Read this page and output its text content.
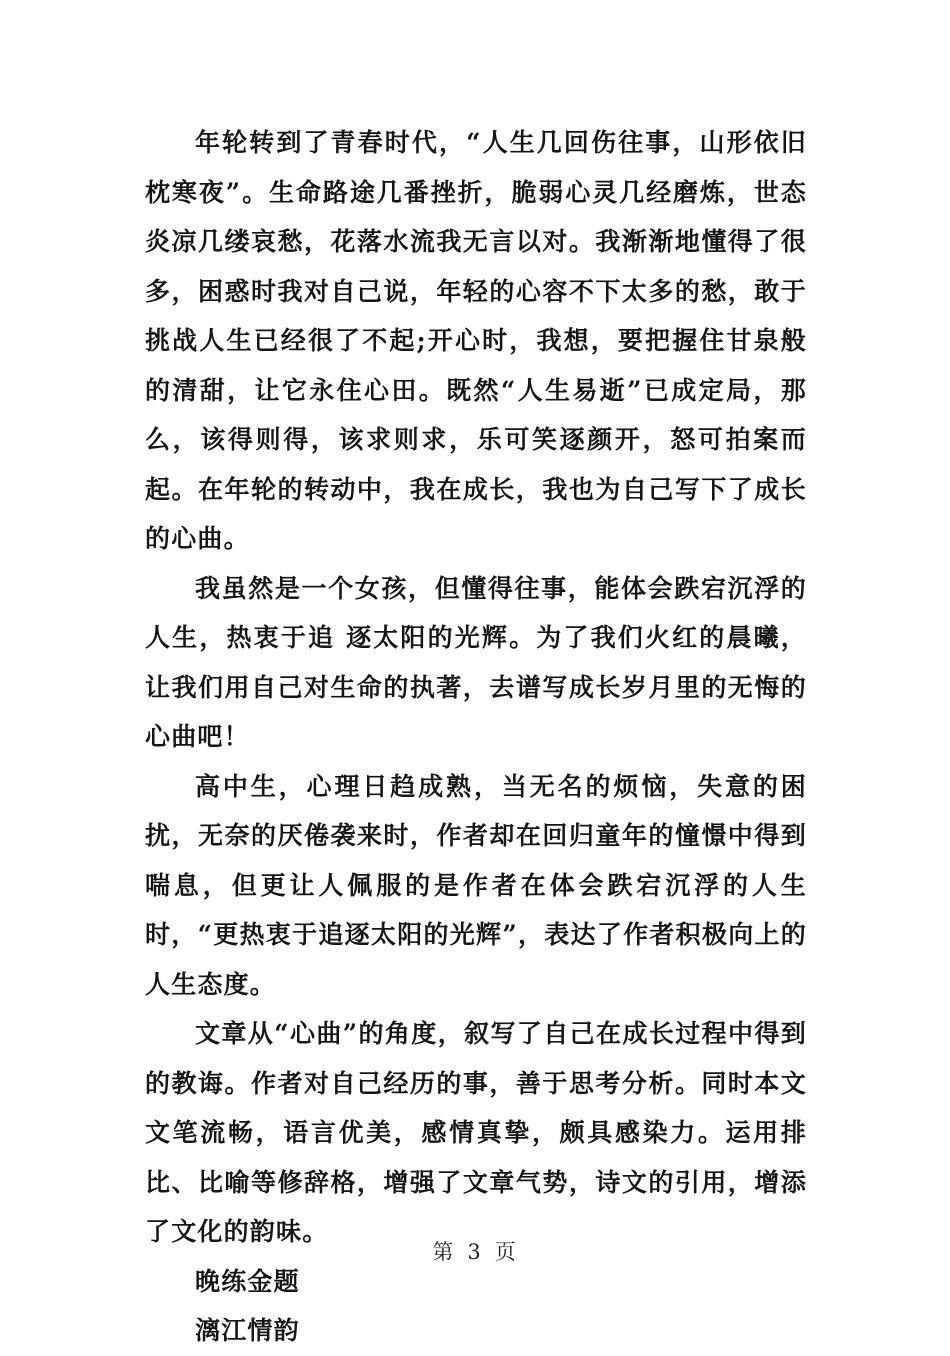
年轮转到了青春时代，“人生几回伤往事，山形依旧枕寒夜”。生命路途几番挫折，脆弱心灵几经磨炼，世态炎凉几缕哀愁，花落水流我无言以对。我渐渐地懂得了很多，困惑时我对自己说，年轻的心容不下太多的愁，敢于挑战人生已经很了不起;开心时，我想，要把握住甘泉般的清甜，让它永住心田。既然“人生易逝”已成定局，那么，该得则得，该求则求，乐可笑逐颜开，怒可拍案而起。在年轮的转动中，我在成长，我也为自己写下了成长的心曲。

我虽然是一个女孩，但懂得往事，能体会跌宕沉浮的人生，热衷于追 逐太阳的光辉。为了我们火红的晨曦，让我们用自己对生命的执著，去谱写成长岁月里的无悔的心曲吧！

高中生，心理日趋成熟，当无名的烦恼，失意的困扰，无奈的厌倦袭来时，作者却在回归童年的憧憬中得到喘息，但更让人佩服的是作者在体会跌宕沉浮的人生时，“更热衷于追逐太阳的光辉”，表达了作者积极向上的人生态度。

文章从“心曲”的角度，叙写了自己在成长过程中得到的教诲。作者对自己经历的事，善于思考分析。同时本文文笔流畅，语言优美，感情真挚，颇具感染力。运用排比、比喻等修辞格，增强了文章气势，诗文的引用，增添了文化的韵味。

晚练金题

漓江情韵

第 3 页
